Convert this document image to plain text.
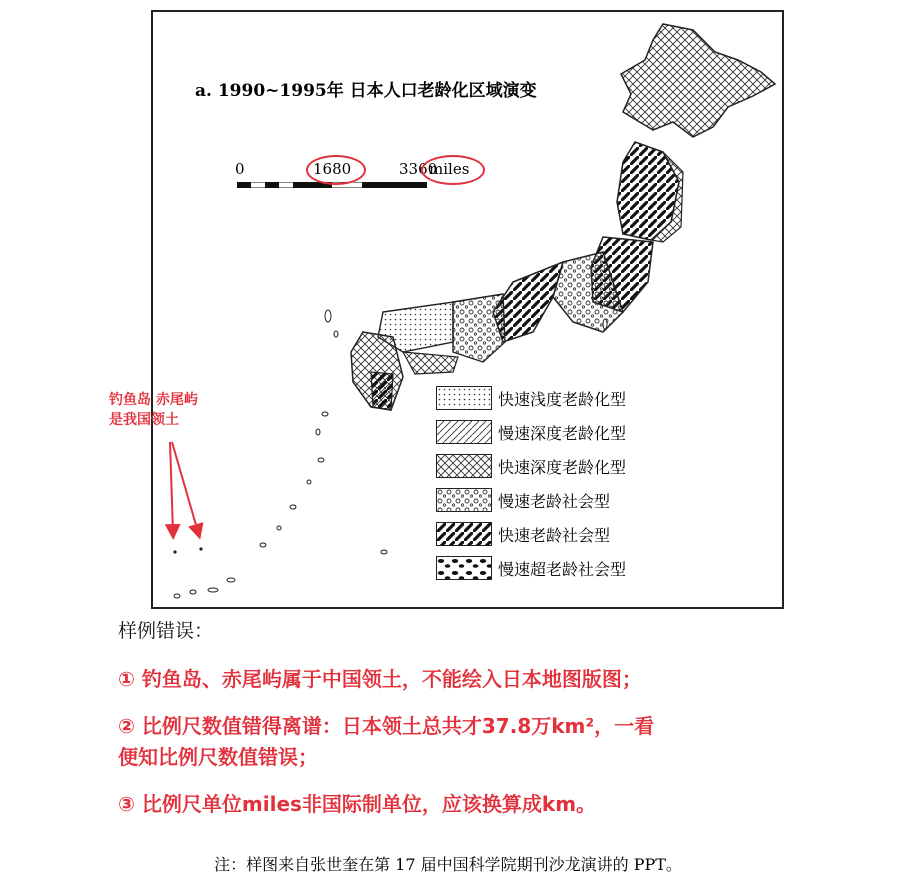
a. 1990~1995年 日本人口老龄化区域演变
0	1680	3360
miles
快速浅度老龄化型
慢速深度老龄化型
快速深度老龄化型
慢速老龄社会型
快速老龄社会型
慢速超老龄社会型
钓鱼岛 赤尾屿
是我国领土
样例错误：
① 钓鱼岛、赤尾屿属于中国领土，不能绘入日本地图版图；
② 比例尺数值错得离谱：日本领土总共才37.8万km²，一看
便知比例尺数值错误；
③ 比例尺单位miles非国际制单位，应该换算成km。
注：样图来自张世奎在第 17 届中国科学院期刊沙龙演讲的 PPT。
